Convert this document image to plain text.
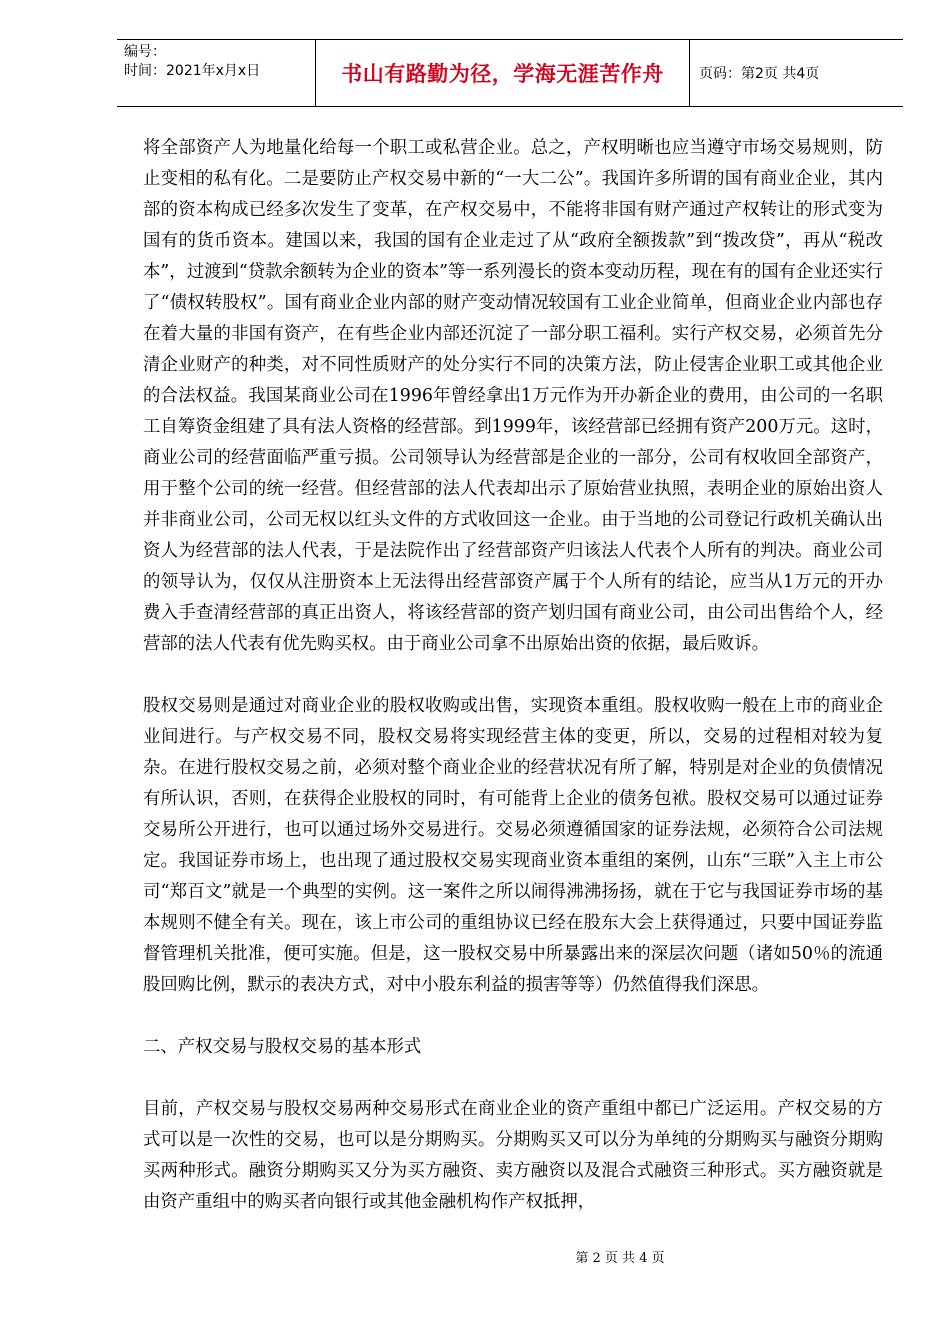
编号：
时间：2021年x月x日	书山有路勤为径，学海无涯苦作舟	页码：第2页 共4页

将全部资产人为地量化给每一个职工或私营企业。总之，产权明晰也应当遵守市场交易规则，防止变相的私有化。二是要防止产权交易中新的“一大二公”。我国许多所谓的国有商业企业，其内部的资本构成已经多次发生了变革，在产权交易中，不能将非国有财产通过产权转让的形式变为国有的货币资本。建国以来，我国的国有企业走过了从“政府全额拨款”到“拨改贷”，再从“税改本”，过渡到“贷款余额转为企业的资本”等一系列漫长的资本变动历程，现在有的国有企业还实行了“债权转股权”。国有商业企业内部的财产变动情况较国有工业企业简单，但商业企业内部也存在着大量的非国有资产，在有些企业内部还沉淀了一部分职工福利。实行产权交易，必须首先分清企业财产的种类，对不同性质财产的处分实行不同的决策方法，防止侵害企业职工或其他企业的合法权益。我国某商业公司在1996年曾经拿出1万元作为开办新企业的费用，由公司的一名职工自筹资金组建了具有法人资格的经营部。到1999年，该经营部已经拥有资产200万元。这时，商业公司的经营面临严重亏损。公司领导认为经营部是企业的一部分，公司有权收回全部资产，用于整个公司的统一经营。但经营部的法人代表却出示了原始营业执照，表明企业的原始出资人并非商业公司，公司无权以红头文件的方式收回这一企业。由于当地的公司登记行政机关确认出资人为经营部的法人代表，于是法院作出了经营部资产归该法人代表个人所有的判决。商业公司的领导认为，仅仅从注册资本上无法得出经营部资产属于个人所有的结论，应当从1万元的开办费入手查清经营部的真正出资人，将该经营部的资产划归国有商业公司，由公司出售给个人，经营部的法人代表有优先购买权。由于商业公司拿不出原始出资的依据，最后败诉。

股权交易则是通过对商业企业的股权收购或出售，实现资本重组。股权收购一般在上市的商业企业间进行。与产权交易不同，股权交易将实现经营主体的变更，所以，交易的过程相对较为复杂。在进行股权交易之前，必须对整个商业企业的经营状况有所了解，特别是对企业的负债情况有所认识，否则，在获得企业股权的同时，有可能背上企业的债务包袱。股权交易可以通过证券交易所公开进行，也可以通过场外交易进行。交易必须遵循国家的证券法规，必须符合公司法规定。我国证券市场上，也出现了通过股权交易实现商业资本重组的案例，山东“三联”入主上市公司“郑百文”就是一个典型的实例。这一案件之所以闹得沸沸扬扬，就在于它与我国证券市场的基本规则不健全有关。现在，该上市公司的重组协议已经在股东大会上获得通过，只要中国证券监督管理机关批准，便可实施。但是，这一股权交易中所暴露出来的深层次问题（诸如50％的流通股回购比例，默示的表决方式，对中小股东利益的损害等等）仍然值得我们深思。

二、产权交易与股权交易的基本形式

目前，产权交易与股权交易两种交易形式在商业企业的资产重组中都已广泛运用。产权交易的方式可以是一次性的交易，也可以是分期购买。分期购买又可以分为单纯的分期购买与融资分期购买两种形式。融资分期购买又分为买方融资、卖方融资以及混合式融资三种形式。买方融资就是由资产重组中的购买者向银行或其他金融机构作产权抵押，

第 2 页 共 4 页
